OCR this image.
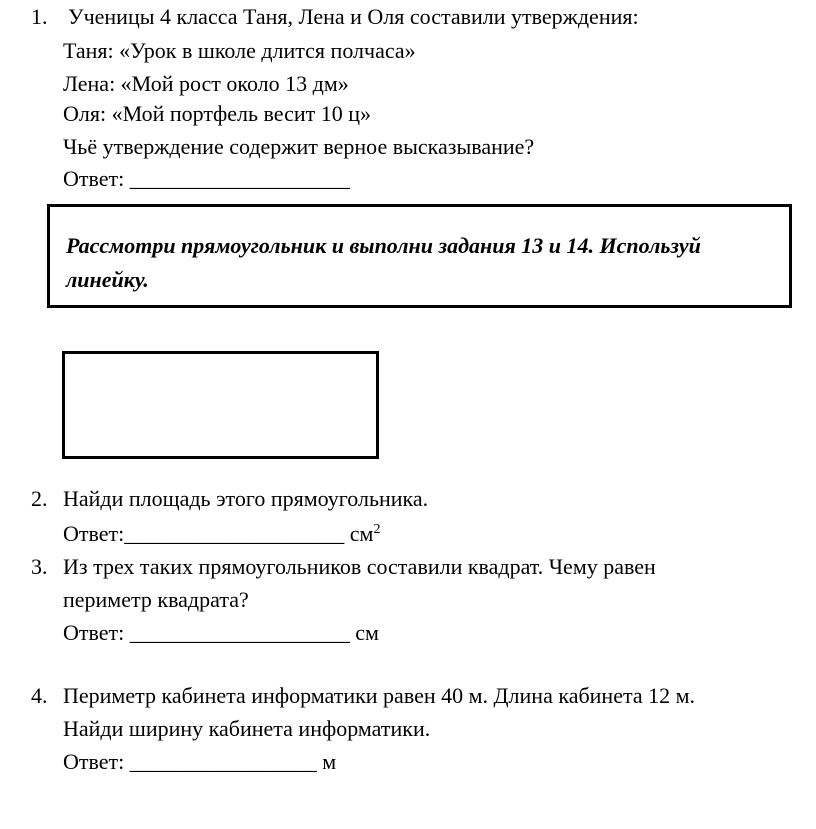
1. Ученицы 4 класса Таня, Лена и Оля составили утверждения:
Таня: «Урок в школе длится полчаса»
Лена: «Мой рост около 13 дм»
Оля: «Мой портфель весит 10 ц»
Чьё утверждение содержит верное высказывание?
Ответ: ____________________
Рассмотри прямоугольник и выполни задания 13 и 14. Используй линейку.
2. Найди площадь этого прямоугольника.
Ответ:____________________ $см^2$
3. Из трех таких прямоугольников составили квадрат. Чему равен
периметр квадрата?
Ответ: ____________________ см
4. Периметр кабинета информатики равен 40 м. Длина кабинета 12 м.
Найди ширину кабинета информатики.
Ответ: _________________ м
